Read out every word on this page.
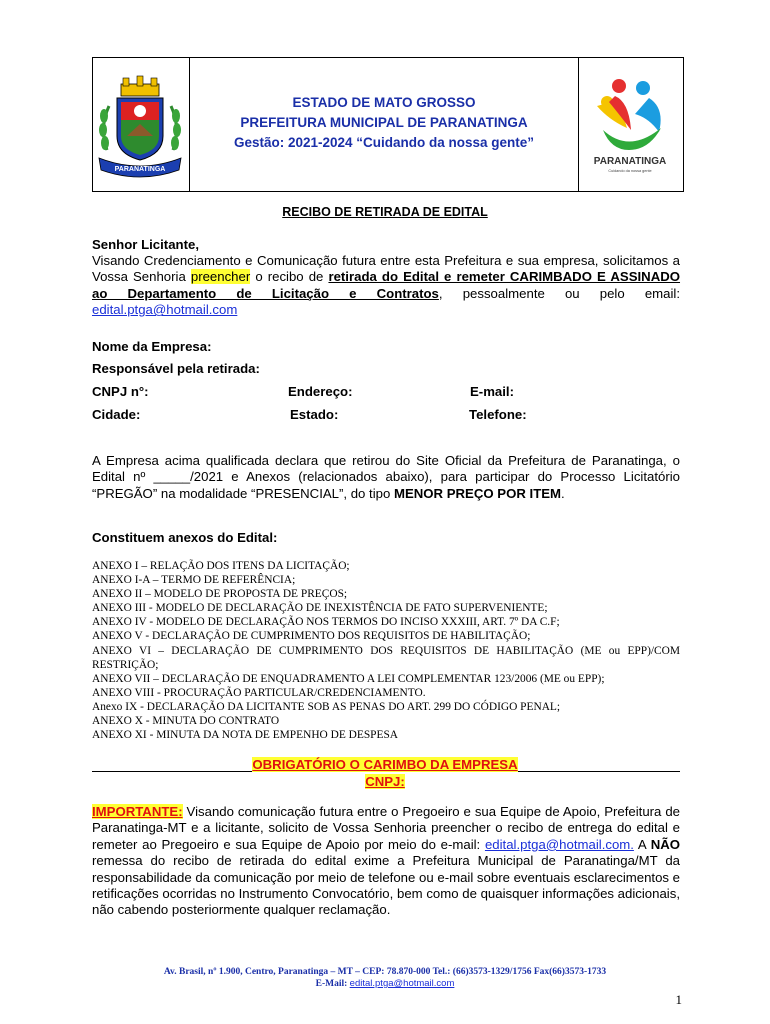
PARANATINGA
ESTADO DE MATO GROSSO
PREFEITURA MUNICIPAL DE PARANATINGA
Gestão: 2021-2024 “Cuidando da nossa gente”
PARANATINGA
Cuidando da nossa gente
RECIBO DE RETIRADA DE EDITAL
Senhor Licitante,
Visando Credenciamento e Comunicação futura entre esta Prefeitura e sua empresa, solicitamos a Vossa Senhoria preencher o recibo de retirada do Edital e remeter CARIMBADO E ASSINADO ao Departamento de Licitação e Contratos, pessoalmente ou pelo email: edital.ptga@hotmail.com
Nome da Empresa:
Responsável pela retirada:
CNPJ n°:	Endereço:	E-mail:
Cidade:	Estado:	Telefone:
A Empresa acima qualificada declara que retirou do Site Oficial da Prefeitura de Paranatinga, o Edital nº _____/2021 e Anexos (relacionados abaixo), para participar do Processo Licitatório “PREGÃO” na modalidade “PRESENCIAL”, do tipo MENOR PREÇO POR ITEM.
Constituem anexos do Edital:
ANEXO I – RELAÇÃO DOS ITENS DA LICITAÇÃO;
ANEXO I-A – TERMO DE REFERÊNCIA;
ANEXO II – MODELO DE PROPOSTA DE PREÇOS;
ANEXO III - MODELO DE DECLARAÇÃO DE INEXISTÊNCIA DE FATO SUPERVENIENTE;
ANEXO IV - MODELO DE DECLARAÇÃO NOS TERMOS DO INCISO XXXIII, ART. 7º DA C.F;
ANEXO V - DECLARAÇÃO DE CUMPRIMENTO DOS REQUISITOS DE HABILITAÇÃO;
ANEXO VI – DECLARAÇÃO DE CUMPRIMENTO DOS REQUISITOS DE HABILITAÇÃO (ME ou EPP)/COM RESTRIÇÃO;
ANEXO VII – DECLARAÇÃO DE ENQUADRAMENTO A LEI COMPLEMENTAR 123/2006 (ME ou EPP);
ANEXO VIII - PROCURAÇÃO PARTICULAR/CREDENCIAMENTO.
Anexo IX - DECLARAÇÃO DA LICITANTE SOB AS PENAS DO ART. 299 DO CÓDIGO PENAL;
ANEXO X - MINUTA DO CONTRATO
ANEXO XI - MINUTA DA NOTA DE EMPENHO DE DESPESA
OBRIGATÓRIO O CARIMBO DA EMPRESA
CNPJ:
IMPORTANTE: Visando comunicação futura entre o Pregoeiro e sua Equipe de Apoio, Prefeitura de Paranatinga-MT e a licitante, solicito de Vossa Senhoria preencher o recibo de entrega do edital e remeter ao Pregoeiro e sua Equipe de Apoio por meio do e-mail: edital.ptga@hotmail.com. A NÃO remessa do recibo de retirada do edital exime a Prefeitura Municipal de Paranatinga/MT da responsabilidade da comunicação por meio de telefone ou e-mail sobre eventuais esclarecimentos e retificações ocorridas no Instrumento Convocatório, bem como de quaisquer informações adicionais, não cabendo posteriormente qualquer reclamação.
Av. Brasil, nº 1.900, Centro, Paranatinga – MT – CEP: 78.870-000 Tel.: (66)3573-1329/1756 Fax(66)3573-1733
E-Mail: edital.ptga@hotmail.com
1
